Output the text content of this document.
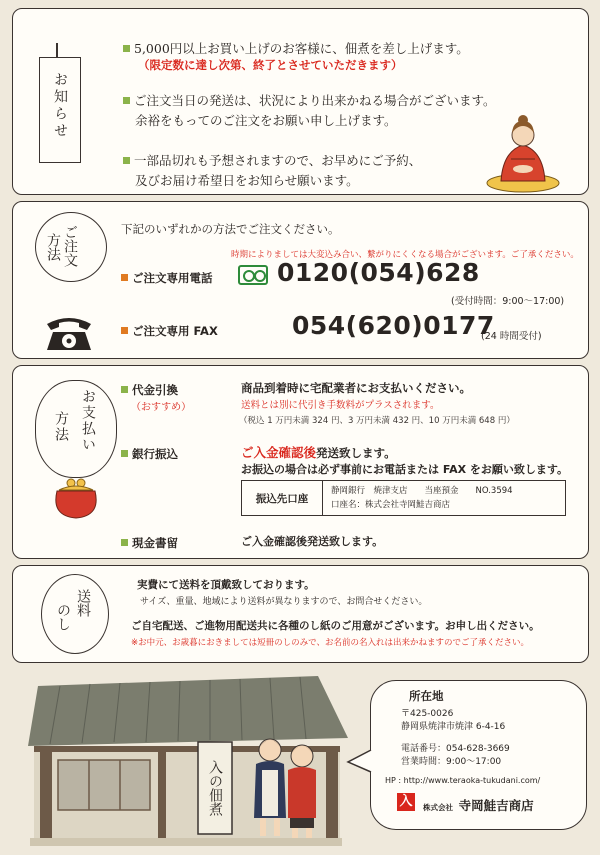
お知らせ
5,000円以上お買い上げのお客様に、佃煮を差し上げます。
（限定数に達し次第、終了とさせていただきます）
ご注文当日の発送は、状況により出来かねる場合がございます。
余裕をもってのご注文をお願い申し上げます。
一部品切れも予想されますので、お早めにご予約、
及びお届け希望日をお知らせ願います。
ご注文
方法
下記のいずれかの方法でご注文ください。
時期によりましては大変込み合い、繋がりにくくなる場合がございます。ご了承ください。
ご注文専用電話	0120(054)628
(受付時間：9:00〜17:00)
ご注文専用 FAX	054(620)0177
(24 時間受付)
お支払い
方法
代金引換
（おすすめ）
商品到着時に宅配業者にお支払いください。
送料とは別に代引き手数料がプラスされます。
（税込 1 万円未満 324 円、3 万円未満 432 円、10 万円未満 648 円）
銀行振込	ご入金確認後発送致します。
お振込の場合は必ず事前にお電話または FAX をお願い致します。
振込先口座
静岡銀行　焼津支店　　当座預金　　NO.3594
口座名：株式会社寺岡鮭吉商店
現金書留	ご入金確認後発送致します。
送料
のし
実費にて送料を頂戴致しております。
サイズ、重量、地域により送料が異なりますので、お問合せください。
ご自宅配送、ご進物用配送共に各種のし紙のご用意がございます。お申し出ください。
※お中元、お歳暮におきましては短冊のしのみで、お名前の名入れは出来かねますのでご了承ください。
入の佃煮
所在地
〒425-0026
静岡県焼津市焼津 6-4-16
電話番号：054-628-3669
営業時間：9:00〜17:00
HP : http://www.teraoka-tukudani.com/
入	株式会社 寺岡鮭吉商店
